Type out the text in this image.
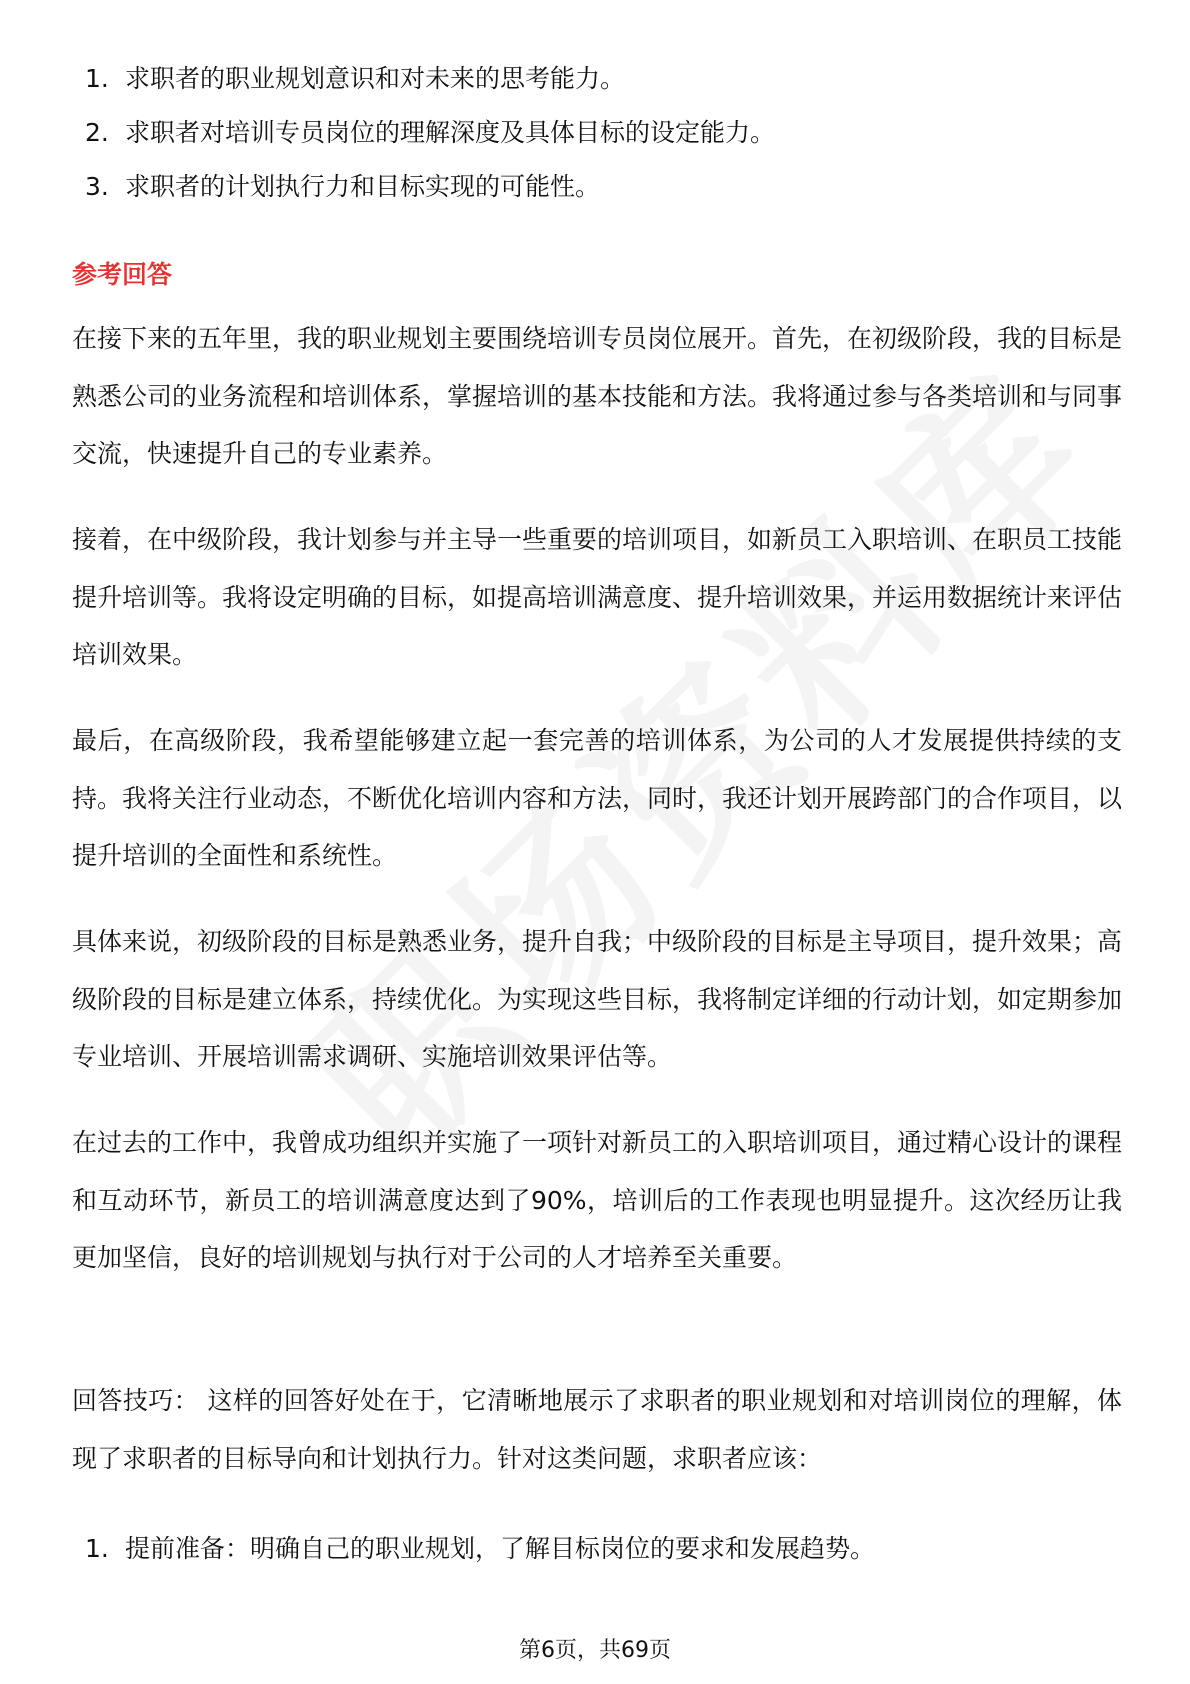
1. 求职者的职业规划意识和对未来的思考能力。
2. 求职者对培训专员岗位的理解深度及具体目标的设定能力。
3. 求职者的计划执行力和目标实现的可能性。
参考回答

在接下来的五年里，我的职业规划主要围绕培训专员岗位展开。首先，在初级阶段，我的目标是熟悉公司的业务流程和培训体系，掌握培训的基本技能和方法。我将通过参与各类培训和与同事交流，快速提升自己的专业素养。

接着，在中级阶段，我计划参与并主导一些重要的培训项目，如新员工入职培训、在职员工技能提升培训等。我将设定明确的目标，如提高培训满意度、提升培训效果，并运用数据统计来评估培训效果。

最后，在高级阶段，我希望能够建立起一套完善的培训体系，为公司的人才发展提供持续的支持。我将关注行业动态，不断优化培训内容和方法，同时，我还计划开展跨部门的合作项目，以提升培训的全面性和系统性。

具体来说，初级阶段的目标是熟悉业务，提升自我；中级阶段的目标是主导项目，提升效果；高级阶段的目标是建立体系，持续优化。为实现这些目标，我将制定详细的行动计划，如定期参加专业培训、开展培训需求调研、实施培训效果评估等。

在过去的工作中，我曾成功组织并实施了一项针对新员工的入职培训项目，通过精心设计的课程和互动环节，新员工的培训满意度达到了90%，培训后的工作表现也明显提升。这次经历让我更加坚信，良好的培训规划与执行对于公司的人才培养至关重要。

回答技巧： 这样的回答好处在于，它清晰地展示了求职者的职业规划和对培训岗位的理解，体现了求职者的目标导向和计划执行力。针对这类问题，求职者应该：

1. 提前准备：明确自己的职业规划，了解目标岗位的要求和发展趋势。
第6页，共69页
